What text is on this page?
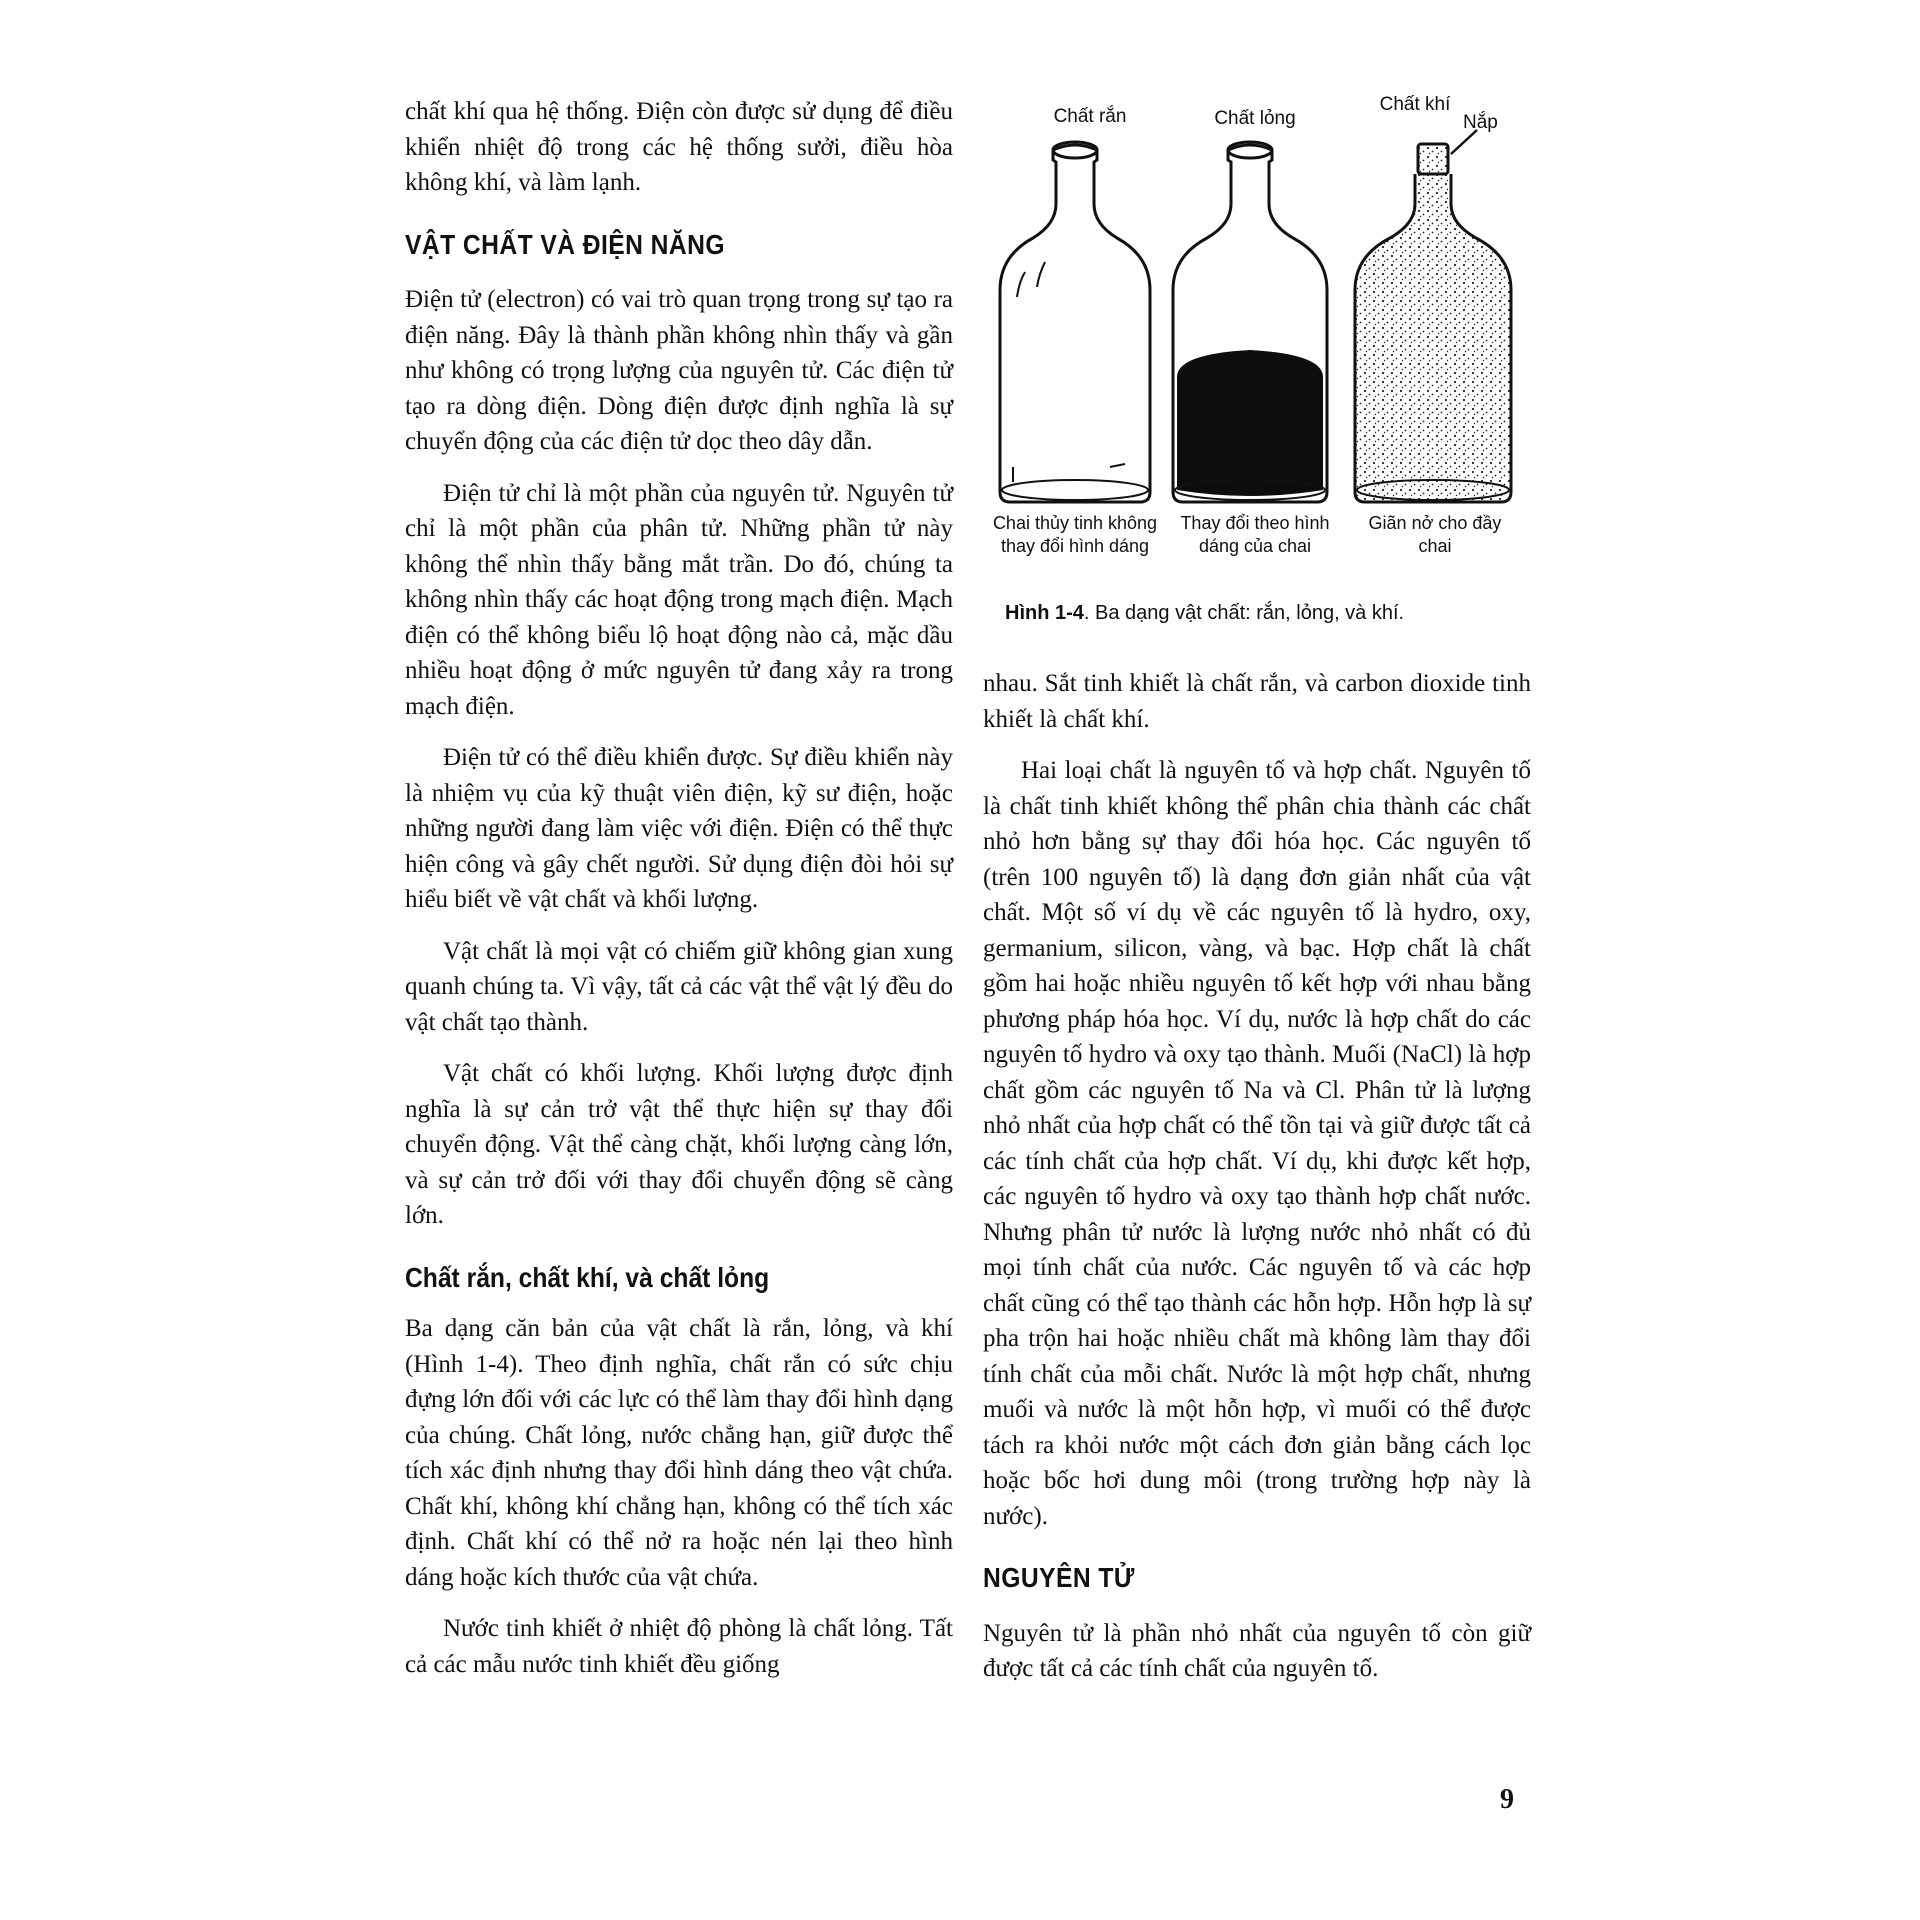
chất khí qua hệ thống. Điện còn được sử dụng để điều khiển nhiệt độ trong các hệ thống sưởi, điều hòa không khí, và làm lạnh.

VẬT CHẤT VÀ ĐIỆN NĂNG

Điện tử (electron) có vai trò quan trọng trong sự tạo ra điện năng. Đây là thành phần không nhìn thấy và gần như không có trọng lượng của nguyên tử. Các điện tử tạo ra dòng điện. Dòng điện được định nghĩa là sự chuyển động của các điện tử dọc theo dây dẫn.

Điện tử chỉ là một phần của nguyên tử. Nguyên tử chỉ là một phần của phân tử. Những phần tử này không thể nhìn thấy bằng mắt trần. Do đó, chúng ta không nhìn thấy các hoạt động trong mạch điện. Mạch điện có thể không biểu lộ hoạt động nào cả, mặc dầu nhiều hoạt động ở mức nguyên tử đang xảy ra trong mạch điện.

Điện tử có thể điều khiển được. Sự điều khiển này là nhiệm vụ của kỹ thuật viên điện, kỹ sư điện, hoặc những người đang làm việc với điện. Điện có thể thực hiện công và gây chết người. Sử dụng điện đòi hỏi sự hiểu biết về vật chất và khối lượng.

Vật chất là mọi vật có chiếm giữ không gian xung quanh chúng ta. Vì vậy, tất cả các vật thể vật lý đều do vật chất tạo thành.

Vật chất có khối lượng. Khối lượng được định nghĩa là sự cản trở vật thể thực hiện sự thay đổi chuyển động. Vật thể càng chặt, khối lượng càng lớn, và sự cản trở đối với thay đổi chuyển động sẽ càng lớn.

Chất rắn, chất khí, và chất lỏng

Ba dạng căn bản của vật chất là rắn, lỏng, và khí (Hình 1-4). Theo định nghĩa, chất rắn có sức chịu đựng lớn đối với các lực có thể làm thay đổi hình dạng của chúng. Chất lỏng, nước chẳng hạn, giữ được thể tích xác định nhưng thay đổi hình dáng theo vật chứa. Chất khí, không khí chẳng hạn, không có thể tích xác định. Chất khí có thể nở ra hoặc nén lại theo hình dáng hoặc kích thước của vật chứa.

Nước tinh khiết ở nhiệt độ phòng là chất lỏng. Tất cả các mẫu nước tinh khiết đều giống

Chất rắn	Chất lỏng
Chất khí
Nắp
Chai thủy tinh không thay đổi hình dáng
Thay đổi theo hình dáng của chai
Giãn nở cho đầy chai
Hình 1-4. Ba dạng vật chất: rắn, lỏng, và khí.

nhau. Sắt tinh khiết là chất rắn, và carbon dioxide tinh khiết là chất khí.

Hai loại chất là nguyên tố và hợp chất. Nguyên tố là chất tinh khiết không thể phân chia thành các chất nhỏ hơn bằng sự thay đổi hóa học. Các nguyên tố (trên 100 nguyên tố) là dạng đơn giản nhất của vật chất. Một số ví dụ về các nguyên tố là hydro, oxy, germanium, silicon, vàng, và bạc. Hợp chất là chất gồm hai hoặc nhiều nguyên tố kết hợp với nhau bằng phương pháp hóa học. Ví dụ, nước là hợp chất do các nguyên tố hydro và oxy tạo thành. Muối (NaCl) là hợp chất gồm các nguyên tố Na và Cl. Phân tử là lượng nhỏ nhất của hợp chất có thể tồn tại và giữ được tất cả các tính chất của hợp chất. Ví dụ, khi được kết hợp, các nguyên tố hydro và oxy tạo thành hợp chất nước. Nhưng phân tử nước là lượng nước nhỏ nhất có đủ mọi tính chất của nước. Các nguyên tố và các hợp chất cũng có thể tạo thành các hỗn hợp. Hỗn hợp là sự pha trộn hai hoặc nhiều chất mà không làm thay đổi tính chất của mỗi chất. Nước là một hợp chất, nhưng muối và nước là một hỗn hợp, vì muối có thể được tách ra khỏi nước một cách đơn giản bằng cách lọc hoặc bốc hơi dung môi (trong trường hợp này là nước).

NGUYÊN TỬ

Nguyên tử là phần nhỏ nhất của nguyên tố còn giữ được tất cả các tính chất của nguyên tố.

9
